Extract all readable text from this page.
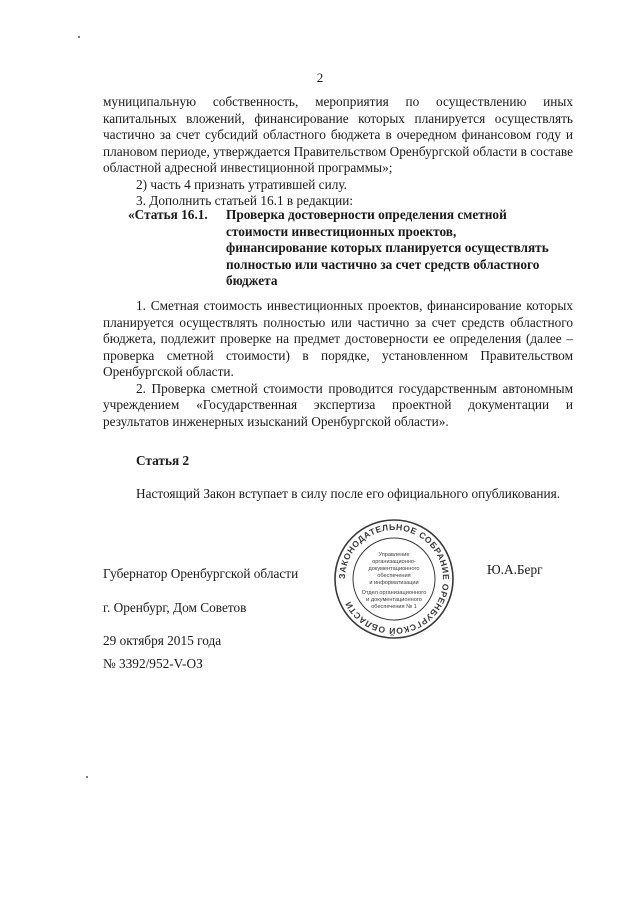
2

муниципальную собственность, мероприятия по осуществлению иных капитальных вложений, финансирование которых планируется осуществлять частично за счет субсидий областного бюджета в очередном финансовом году и плановом периоде, утверждается Правительством Оренбургской области в составе областной адресной инвестиционной программы»;

2) часть 4 признать утратившей силу.

3. Дополнить статьей 16.1 в редакции:

«Статья 16.1. Проверка достоверности определения сметной
стоимости инвестиционных проектов,
финансирование которых планируется осуществлять
полностью или частично за счет средств областного
бюджета

1. Сметная стоимость инвестиционных проектов, финансирование которых планируется осуществлять полностью или частично за счет средств областного бюджета, подлежит проверке на предмет достоверности ее определения (далее – проверка сметной стоимости) в порядке, установленном Правительством Оренбургской области.

2. Проверка сметной стоимости проводится государственным автономным учреждением «Государственная экспертиза проектной документации и результатов инженерных изысканий Оренбургской области».

Статья 2

Настоящий Закон вступает в силу после его официального опубликования.

Губернатор Оренбургской области	Ю.А.Берг
г. Оренбург, Дом Советов
29 октября 2015 года
№ 3392/952-V-ОЗ
ЗАКОНОДАТЕЛЬНОЕ СОБРАНИЕ ОРЕНБУРГСКОЙ ОБЛАСТИ
Управление
организационно-
документационного
обеспечения
и информатизации
Отдел организационного
и документационного
обеспечения № 1
